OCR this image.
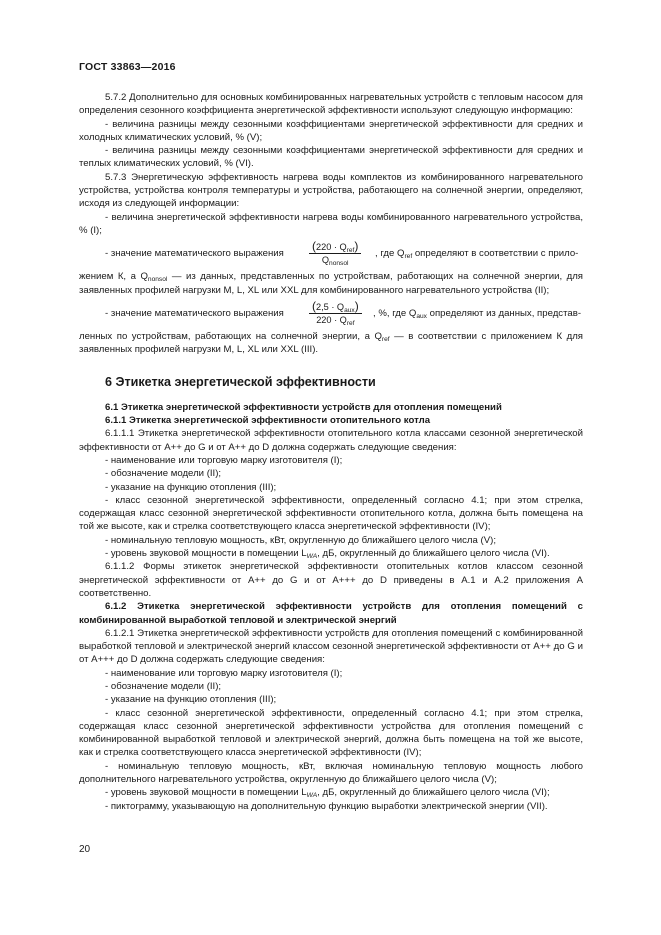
ГОСТ 33863—2016

5.7.2 Дополнительно для основных комбинированных нагревательных устройств с тепловым насосом для определения сезонного коэффициента энергетической эффективности используют следующую информацию:

- величина разницы между сезонными коэффициентами энергетической эффективности для средних и холодных климатических условий, % (V);

- величина разницы между сезонными коэффициентами энергетической эффективности для средних и теплых климатических условий, % (VI).

5.7.3 Энергетическую эффективность нагрева воды комплектов из комбинированного нагревательного устройства, устройства контроля температуры и устройства, работающего на солнечной энергии, определяют, исходя из следующей информации:

- величина энергетической эффективности нагрева воды комбинированного нагревательного устройства, % (I);

- значение математического выражения
$(220 \cdot Q_{ref})$
$Q_{nonsol}$
, где $Q_{ref}$ определяют в соответствии с прило-

жением К, а $Q_{nonsol}$ — из данных, представленных по устройствам, работающих на солнечной энергии, для заявленных профилей нагрузки M, L, XL или XXL для комбинированного нагревательного устройства (II);

- значение математического выражения
$(2,5 \cdot Q_{aux})$
$220 \cdot Q_{ref}$
, %, где $Q_{aux}$ определяют из данных, представ-

ленных по устройствам, работающих на солнечной энергии, а $Q_{ref}$ — в соответствии с приложением К для заявленных профилей нагрузки M, L, XL или XXL (III).

6 Этикетка энергетической эффективности

6.1 Этикетка энергетической эффективности устройств для отопления помещений

6.1.1 Этикетка энергетической эффективности отопительного котла

6.1.1.1 Этикетка энергетической эффективности отопительного котла классами сезонной энергетической эффективности от A++ до G и от A++ до D должна содержать следующие сведения:

- наименование или торговую марку изготовителя (I);

- обозначение модели (II);

- указание на функцию отопления (III);

- класс сезонной энергетической эффективности, определенный согласно 4.1; при этом стрелка, содержащая класс сезонной энергетической эффективности отопительного котла, должна быть помещена на той же высоте, как и стрелка соответствующего класса энергетической эффективности (IV);

- номинальную тепловую мощность, кВт, округленную до ближайшего целого числа (V);

- уровень звуковой мощности в помещении $L_{WA}$, дБ, округленный до ближайшего целого числа (VI).

6.1.1.2 Формы этикеток энергетической эффективности отопительных котлов классом сезонной энергетической эффективности от A++ до G и от A+++ до D приведены в А.1 и А.2 приложения А соответственно.

6.1.2 Этикетка энергетической эффективности устройств для отопления помещений с комбинированной выработкой тепловой и электрической энергий

6.1.2.1 Этикетка энергетической эффективности устройств для отопления помещений с комбинированной выработкой тепловой и электрической энергий классом сезонной энергетической эффективности от A++ до G и от A+++ до D должна содержать следующие сведения:

- наименование или торговую марку изготовителя (I);

- обозначение модели (II);

- указание на функцию отопления (III);

- класс сезонной энергетической эффективности, определенный согласно 4.1; при этом стрелка, содержащая класс сезонной энергетической эффективности устройства для отопления помещений с комбинированной выработкой тепловой и электрической энергий, должна быть помещена на той же высоте, как и стрелка соответствующего класса энергетической эффективности (IV);

- номинальную тепловую мощность, кВт, включая номинальную тепловую мощность любого дополнительного нагревательного устройства, округленную до ближайшего целого числа (V);

- уровень звуковой мощности в помещении $L_{WA}$, дБ, округленный до ближайшего целого числа (VI);

- пиктограмму, указывающую на дополнительную функцию выработки электрической энергии (VII).

20
